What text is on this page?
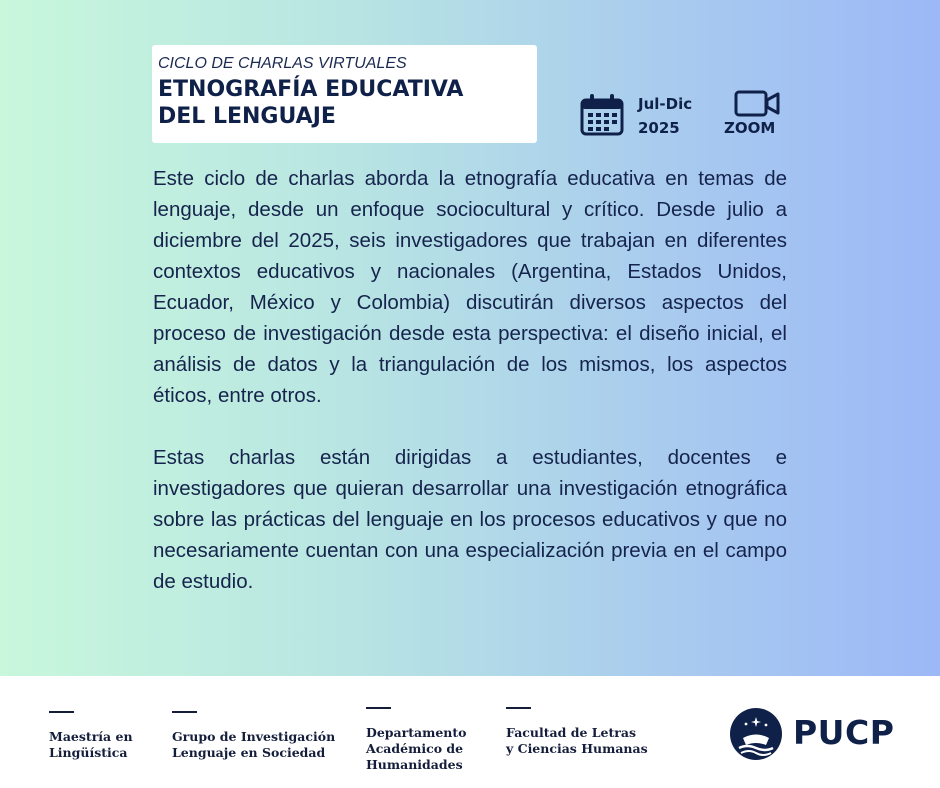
CICLO DE CHARLAS VIRTUALES
ETNOGRAFÍA EDUCATIVA
DEL LENGUAJE	Jul-Dic
2025	ZOOM

Este ciclo de charlas aborda la etnografía educativa en temas de lenguaje, desde un enfoque sociocultural y crítico. Desde julio a diciembre del 2025, seis investigadores que trabajan en diferentes contextos educativos y nacionales (Argentina, Estados Unidos, Ecuador, México y Colombia) discutirán diversos aspectos del proceso de investigación desde esta perspectiva: el diseño inicial, el análisis de datos y la triangulación de los mismos, los aspectos éticos, entre otros.

Estas charlas están dirigidas a estudiantes, docentes e investigadores que quieran desarrollar una investigación etnográfica sobre las prácticas del lenguaje en los procesos educativos y que no necesariamente cuentan con una especialización previa en el campo de estudio.

Maestría en
Lingüística
Grupo de Investigación
Lenguaje en Sociedad
Departamento
Académico de
Humanidades
Facultad de Letras
y Ciencias Humanas	PUCP
